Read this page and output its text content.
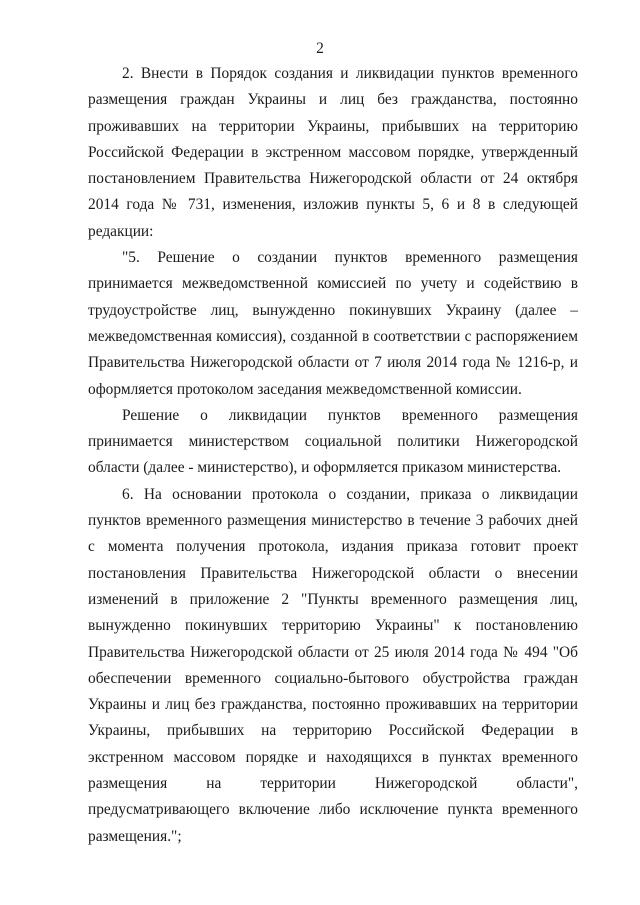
2

2. Внести в Порядок создания и ликвидации пунктов временного размещения граждан Украины и лиц без гражданства, постоянно проживавших на территории Украины, прибывших на территорию Российской Федерации в экстренном массовом порядке, утвержденный постановлением Правительства Нижегородской области от 24 октября 2014 года № 731, изменения, изложив пункты 5, 6 и 8 в следующей редакции:

"5. Решение о создании пунктов временного размещения принимается межведомственной комиссией по учету и содействию в трудоустройстве лиц, вынужденно покинувших Украину (далее – межведомственная комиссия), созданной в соответствии с распоряжением Правительства Нижегородской области от 7 июля 2014 года № 1216-р, и оформляется протоколом заседания межведомственной комиссии.

Решение о ликвидации пунктов временного размещения принимается министерством социальной политики Нижегородской области (далее - министерство), и оформляется приказом министерства.

6. На основании протокола о создании, приказа о ликвидации пунктов временного размещения министерство в течение 3 рабочих дней с момента получения протокола, издания приказа готовит проект постановления Правительства Нижегородской области о внесении изменений в приложение 2 "Пункты временного размещения лиц, вынужденно покинувших территорию Украины" к постановлению Правительства Нижегородской области от 25 июля 2014 года № 494 "Об обеспечении временного социально-бытового обустройства граждан Украины и лиц без гражданства, постоянно проживавших на территории Украины, прибывших на территорию Российской Федерации в экстренном массовом порядке и находящихся в пунктах временного размещения на территории Нижегородской области", предусматривающего включение либо исключение пункта временного размещения.";
